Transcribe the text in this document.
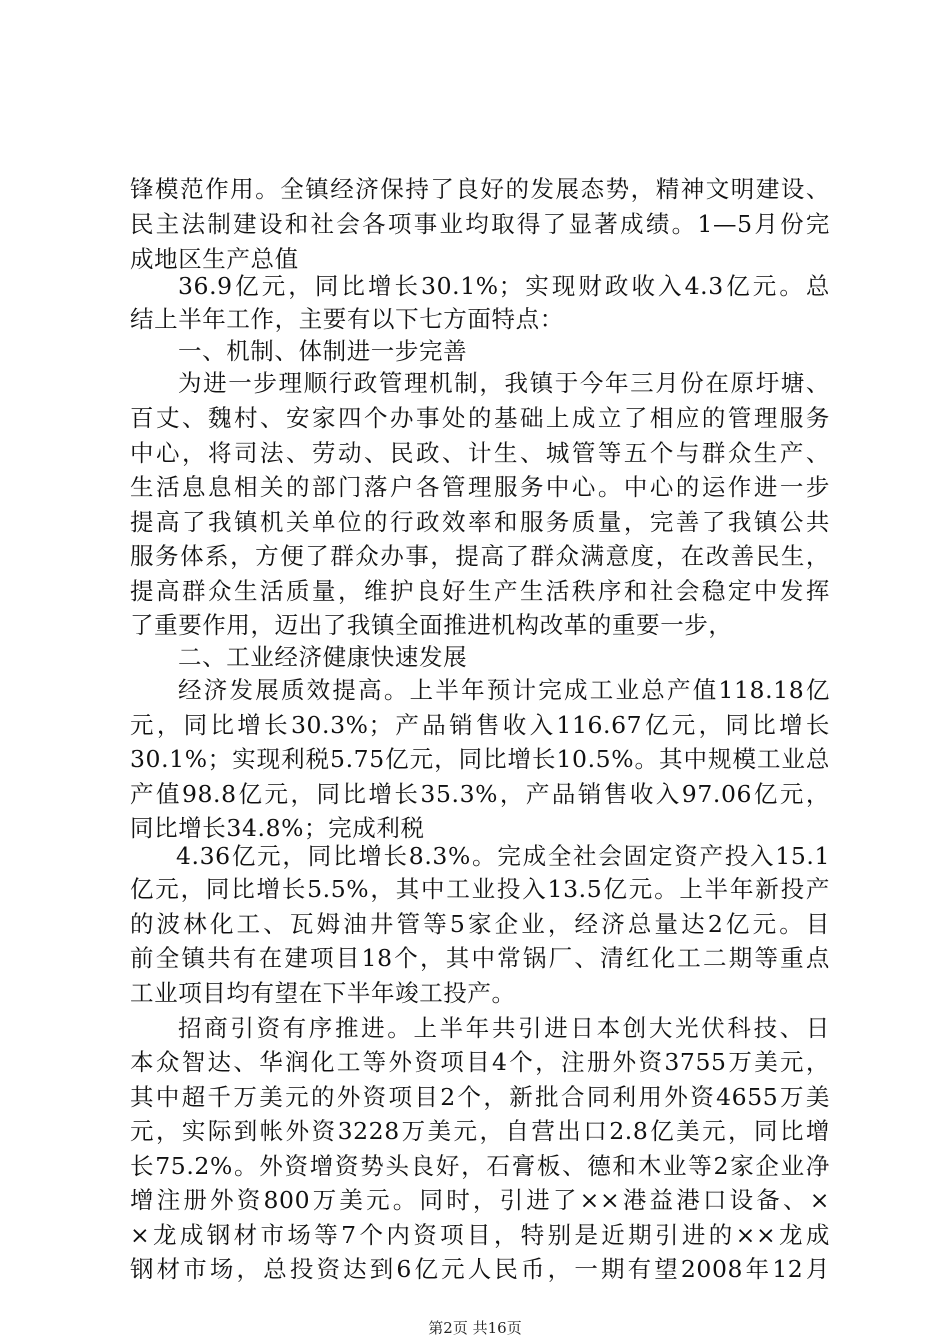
锋模范作用。全镇经济保持了良好的发展态势，精神文明建设、
民主法制建设和社会各项事业均取得了显著成绩。1—5月份完
成地区生产总值
36.9亿元，同比增长30.1%；实现财政收入4.3亿元。总
结上半年工作，主要有以下七方面特点：
一、机制、体制进一步完善
为进一步理顺行政管理机制，我镇于今年三月份在原圩塘、
百丈、魏村、安家四个办事处的基础上成立了相应的管理服务
中心，将司法、劳动、民政、计生、城管等五个与群众生产、
生活息息相关的部门落户各管理服务中心。中心的运作进一步
提高了我镇机关单位的行政效率和服务质量，完善了我镇公共
服务体系，方便了群众办事，提高了群众满意度，在改善民生，
提高群众生活质量，维护良好生产生活秩序和社会稳定中发挥
了重要作用，迈出了我镇全面推进机构改革的重要一步，
二、工业经济健康快速发展
经济发展质效提高。上半年预计完成工业总产值118.18亿
元，同比增长30.3%；产品销售收入116.67亿元，同比增长
30.1%；实现利税5.75亿元，同比增长10.5%。其中规模工业总
产值98.8亿元，同比增长35.3%，产品销售收入97.06亿元，
同比增长34.8%；完成利税
4.36亿元，同比增长8.3%。完成全社会固定资产投入15.1
亿元，同比增长5.5%，其中工业投入13.5亿元。上半年新投产
的波林化工、瓦姆油井管等5家企业，经济总量达2亿元。目
前全镇共有在建项目18个，其中常锅厂、清红化工二期等重点
工业项目均有望在下半年竣工投产。
招商引资有序推进。上半年共引进日本创大光伏科技、日
本众智达、华润化工等外资项目4个，注册外资3755万美元，
其中超千万美元的外资项目2个，新批合同利用外资4655万美
元，实际到帐外资3228万美元，自营出口2.8亿美元，同比增
长75.2%。外资增资势头良好，石膏板、德和木业等2家企业净
增注册外资800万美元。同时，引进了××港益港口设备、×
×龙成钢材市场等7个内资项目，特别是近期引进的××龙成
钢材市场，总投资达到6亿元人民币，一期有望2008年12月
第2页 共16页
